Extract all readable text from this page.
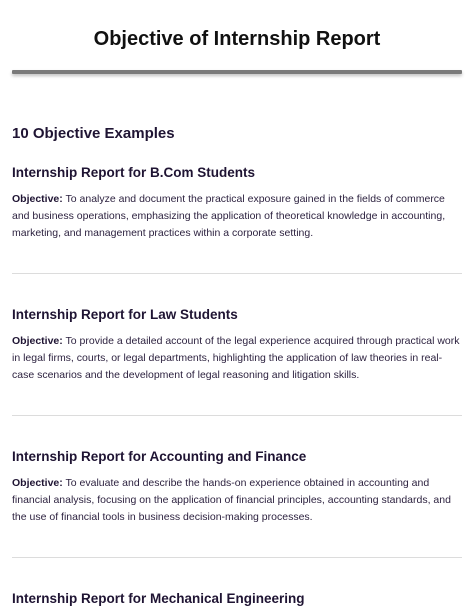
Objective of Internship Report
10 Objective Examples
Internship Report for B.Com Students

Objective: To analyze and document the practical exposure gained in the fields of commerce and business operations, emphasizing the application of theoretical knowledge in accounting, marketing, and management practices within a corporate setting.

Internship Report for Law Students

Objective: To provide a detailed account of the legal experience acquired through practical work in legal firms, courts, or legal departments, highlighting the application of law theories in real-case scenarios and the development of legal reasoning and litigation skills.

Internship Report for Accounting and Finance

Objective: To evaluate and describe the hands-on experience obtained in accounting and financial analysis, focusing on the application of financial principles, accounting standards, and the use of financial tools in business decision-making processes.

Internship Report for Mechanical Engineering
